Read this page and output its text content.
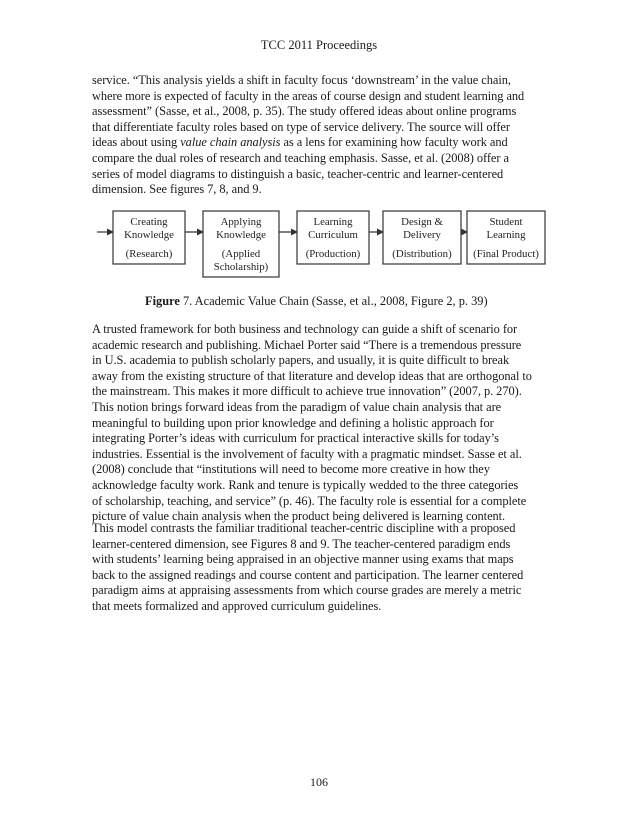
TCC 2011 Proceedings
service. “This analysis yields a shift in faculty focus ‘downstream’ in the value chain,
where more is expected of faculty in the areas of course design and student learning and
assessment” (Sasse, et al., 2008, p. 35). The study offered ideas about online programs
that differentiate faculty roles based on type of service delivery. The source will offer
ideas about using value chain analysis as a lens for examining how faculty work and
compare the dual roles of research and teaching emphasis. Sasse, et al. (2008) offer a
series of model diagrams to distinguish a basic, teacher-centric and learner-centered
dimension. See figures 7, 8, and 9.
Creating
Knowledge
(Research)
Applying
Knowledge
(Applied
Scholarship)
Learning
Curriculum
(Production)
Design &
Delivery
(Distribution)
Student
Learning
(Final Product)
Figure 7. Academic Value Chain (Sasse, et al., 2008, Figure 2, p. 39)
A trusted framework for both business and technology can guide a shift of scenario for
academic research and publishing. Michael Porter said “There is a tremendous pressure
in U.S. academia to publish scholarly papers, and usually, it is quite difficult to break
away from the existing structure of that literature and develop ideas that are orthogonal to
the mainstream. This makes it more difficult to achieve true innovation” (2007, p. 270).
This notion brings forward ideas from the paradigm of value chain analysis that are
meaningful to building upon prior knowledge and defining a holistic approach for
integrating Porter’s ideas with curriculum for practical interactive skills for today’s
industries. Essential is the involvement of faculty with a pragmatic mindset. Sasse et al.
(2008) conclude that “institutions will need to become more creative in how they
acknowledge faculty work. Rank and tenure is typically wedded to the three categories
of scholarship, teaching, and service” (p. 46). The faculty role is essential for a complete
picture of value chain analysis when the product being delivered is learning content.
This model contrasts the familiar traditional teacher-centric discipline with a proposed
learner-centered dimension, see Figures 8 and 9. The teacher-centered paradigm ends
with students’ learning being appraised in an objective manner using exams that maps
back to the assigned readings and course content and participation. The learner centered
paradigm aims at appraising assessments from which course grades are merely a metric
that meets formalized and approved curriculum guidelines.
106
